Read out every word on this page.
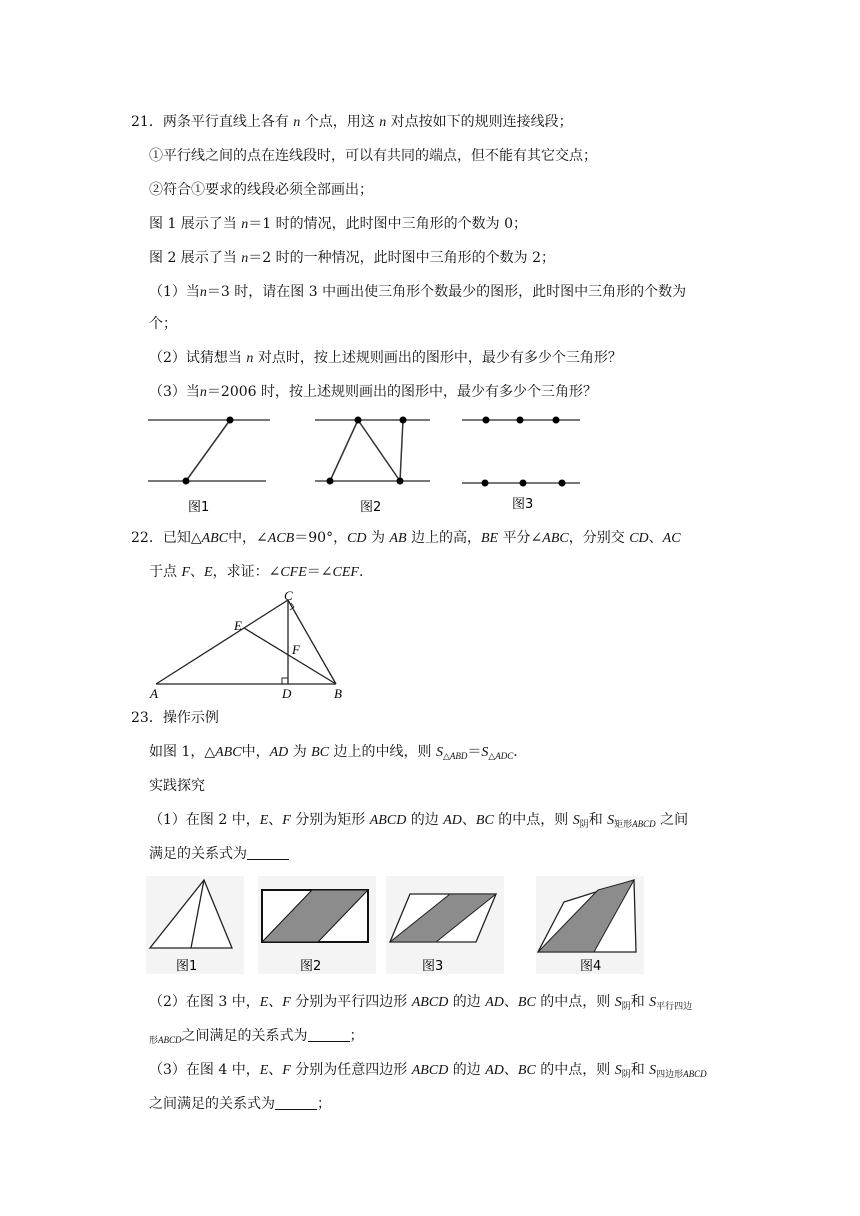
21．两条平行直线上各有 n 个点，用这 n 对点按如下的规则连接线段；
①平行线之间的点在连线段时，可以有共同的端点，但不能有其它交点；
②符合①要求的线段必须全部画出；
图 1 展示了当 n＝1 时的情况，此时图中三角形的个数为 0；
图 2 展示了当 n＝2 时的一种情况，此时图中三角形的个数为 2；
（1）当n＝3 时，请在图 3 中画出使三角形个数最少的图形，此时图中三角形的个数为
个；
（2）试猜想当 n 对点时，按上述规则画出的图形中，最少有多少个三角形？
（3）当n＝2006 时，按上述规则画出的图形中，最少有多少个三角形？
图1	图2	图3
22．已知△ABC中，∠ACB＝90°，CD 为 AB 边上的高，BE 平分∠ABC，分别交 CD、AC
于点 F、E，求证：∠CFE＝∠CEF.
C
E
F
A	D	B
23．操作示例
如图 1，△ABC中，AD 为 BC 边上的中线，则 $S_{\triangle ABD}=S_{\triangle ADC}$.
实践探究
（1）在图 2 中，E、F 分别为矩形 ABCD 的边 AD、BC 的中点，则 $S_阴$和 $S_{矩形ABCD}$ 之间
满足的关系式为
图1	图2	图3	图4
（2）在图 3 中，E、F 分别为平行四边形 ABCD 的边 AD、BC 的中点，则 $S_阴$和 $S_{平行四边}$
$_{形ABCD}$之间满足的关系式为	；
（3）在图 4 中，E、F 分别为任意四边形 ABCD 的边 AD、BC 的中点，则 $S_阴$和 $S_{四边形ABCD}$
之间满足的关系式为	；
